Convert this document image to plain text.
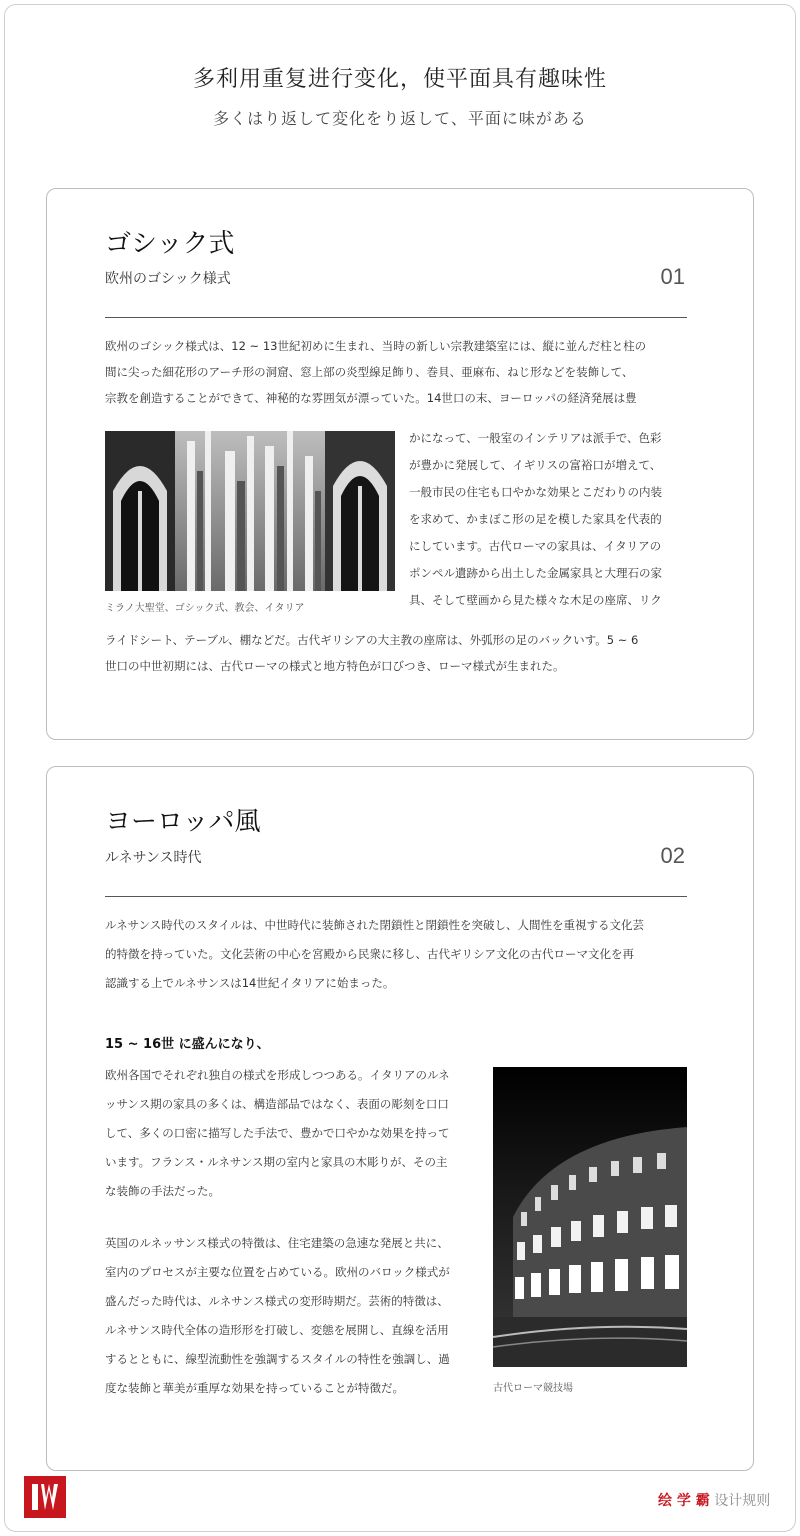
多利用重复进行变化，使平面具有趣味性
多くはり返して変化をり返して、平面に味がある
ゴシック式
欧州のゴシック様式	01
欧州のゴシック様式は、12 ~ 13世紀初めに生まれ、当時の新しい宗教建築室には、縦に並んだ柱と柱の
間に尖った細花形のアーチ形の洞窟、窓上部の炎型線足飾り、巻貝、亜麻布、ねじ形などを装飾して、
宗教を創造することができて、神秘的な雰囲気が漂っていた。14世口の末、ヨーロッパの経済発展は豊
ミラノ大聖堂、ゴシック式、教会、イタリア
かになって、一般室のインテリアは派手で、色彩
が豊かに発展して、イギリスの富裕口が増えて、
一般市民の住宅も口やかな効果とこだわりの内装
を求めて、かまぼこ形の足を模した家具を代表的
にしています。古代ローマの家具は、イタリアの
ポンペル遺跡から出土した金属家具と大理石の家
具、そして壁画から見た様々な木足の座席、リク
ライドシート、テーブル、棚などだ。古代ギリシアの大主教の座席は、外弧形の足のバックいす。5 ~ 6
世口の中世初期には、古代ローマの様式と地方特色が口びつき、ローマ様式が生まれた。
ヨーロッパ風
ルネサンス時代	02
ルネサンス時代のスタイルは、中世時代に装飾された閉鎖性と閉鎖性を突破し、人間性を重視する文化芸
的特徴を持っていた。文化芸術の中心を宮殿から民衆に移し、古代ギリシア文化の古代ローマ文化を再
認識する上でルネサンスは14世紀イタリアに始まった。
15 ~ 16世 に盛んになり、
欧州各国でそれぞれ独自の様式を形成しつつある。イタリアのルネ
ッサンス期の家具の多くは、構造部品ではなく、表面の彫刻を口口
して、多くの口密に描写した手法で、豊かで口やかな効果を持って
います。フランス・ルネサンス期の室内と家具の木彫りが、その主
な装飾の手法だった。
英国のルネッサンス様式の特徴は、住宅建築の急速な発展と共に、
室内のプロセスが主要な位置を占めている。欧州のバロック様式が
盛んだった時代は、ルネサンス様式の変形時期だ。芸術的特徴は、
ルネサンス時代全体の造形形を打破し、変態を展開し、直線を活用
するとともに、線型流動性を強調するスタイルの特性を強調し、過
度な装飾と華美が重厚な効果を持っていることが特徴だ。	古代ローマ競技場
绘 学 霸 设计规则
